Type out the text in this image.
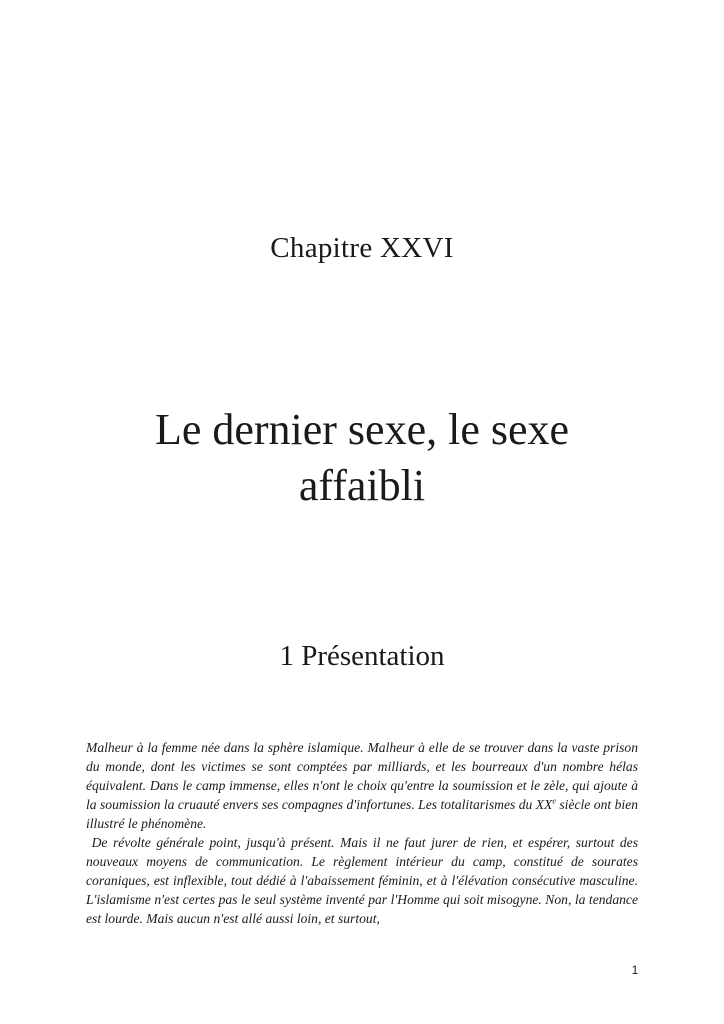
Chapitre XXVI
Le dernier sexe, le sexe affaibli
1 Présentation

Malheur à la femme née dans la sphère islamique. Malheur à elle de se trouver dans la vaste prison du monde, dont les victimes se sont comptées par milliards, et les bourreaux d'un nombre hélas équivalent. Dans le camp immense, elles n'ont le choix qu'entre la soumission et le zèle, qui ajoute à la soumission la cruauté envers ses compagnes d'infortunes. Les totalitarismes du XXe siècle ont bien illustré le phénomène.

De révolte générale point, jusqu'à présent. Mais il ne faut jurer de rien, et espérer, surtout des nouveaux moyens de communication. Le règlement intérieur du camp, constitué de sourates coraniques, est inflexible, tout dédié à l'abaissement féminin, et à l'élévation consécutive masculine. L'islamisme n'est certes pas le seul système inventé par l'Homme qui soit misogyne. Non, la tendance est lourde. Mais aucun n'est allé aussi loin, et surtout,

1
